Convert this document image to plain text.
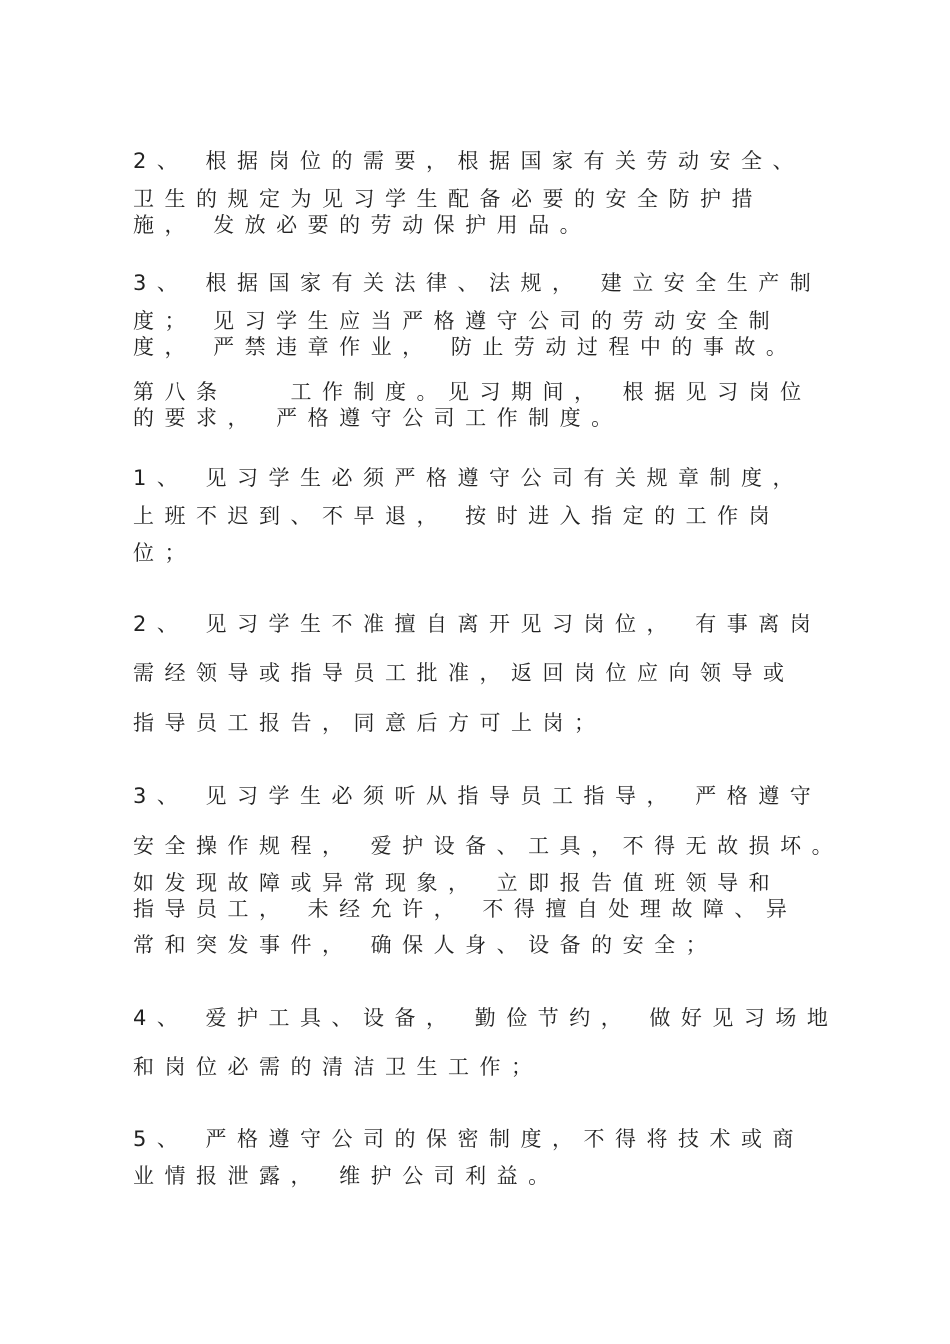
2、 根据岗位的需要，根据国家有关劳动安全、
卫生的规定为见习学生配备必要的安全防护措
施， 发放必要的劳动保护用品。
3、 根据国家有关法律、法规， 建立安全生产制
度； 见习学生应当严格遵守公司的劳动安全制
度， 严禁违章作业， 防止劳动过程中的事故。
第八条　　工作制度。见习期间， 根据见习岗位
的要求， 严格遵守公司工作制度。
1、 见习学生必须严格遵守公司有关规章制度，
上班不迟到、不早退， 按时进入指定的工作岗
位；
2、 见习学生不准擅自离开见习岗位， 有事离岗
需经领导或指导员工批准，返回岗位应向领导或
指导员工报告，同意后方可上岗；
3、 见习学生必须听从指导员工指导， 严格遵守
安全操作规程， 爱护设备、工具，不得无故损坏。
如发现故障或异常现象， 立即报告值班领导和
指导员工， 未经允许， 不得擅自处理故障、异
常和突发事件， 确保人身、设备的安全；
4、 爱护工具、设备， 勤俭节约， 做好见习场地
和岗位必需的清洁卫生工作；
5、 严格遵守公司的保密制度，不得将技术或商
业情报泄露， 维护公司利益。
